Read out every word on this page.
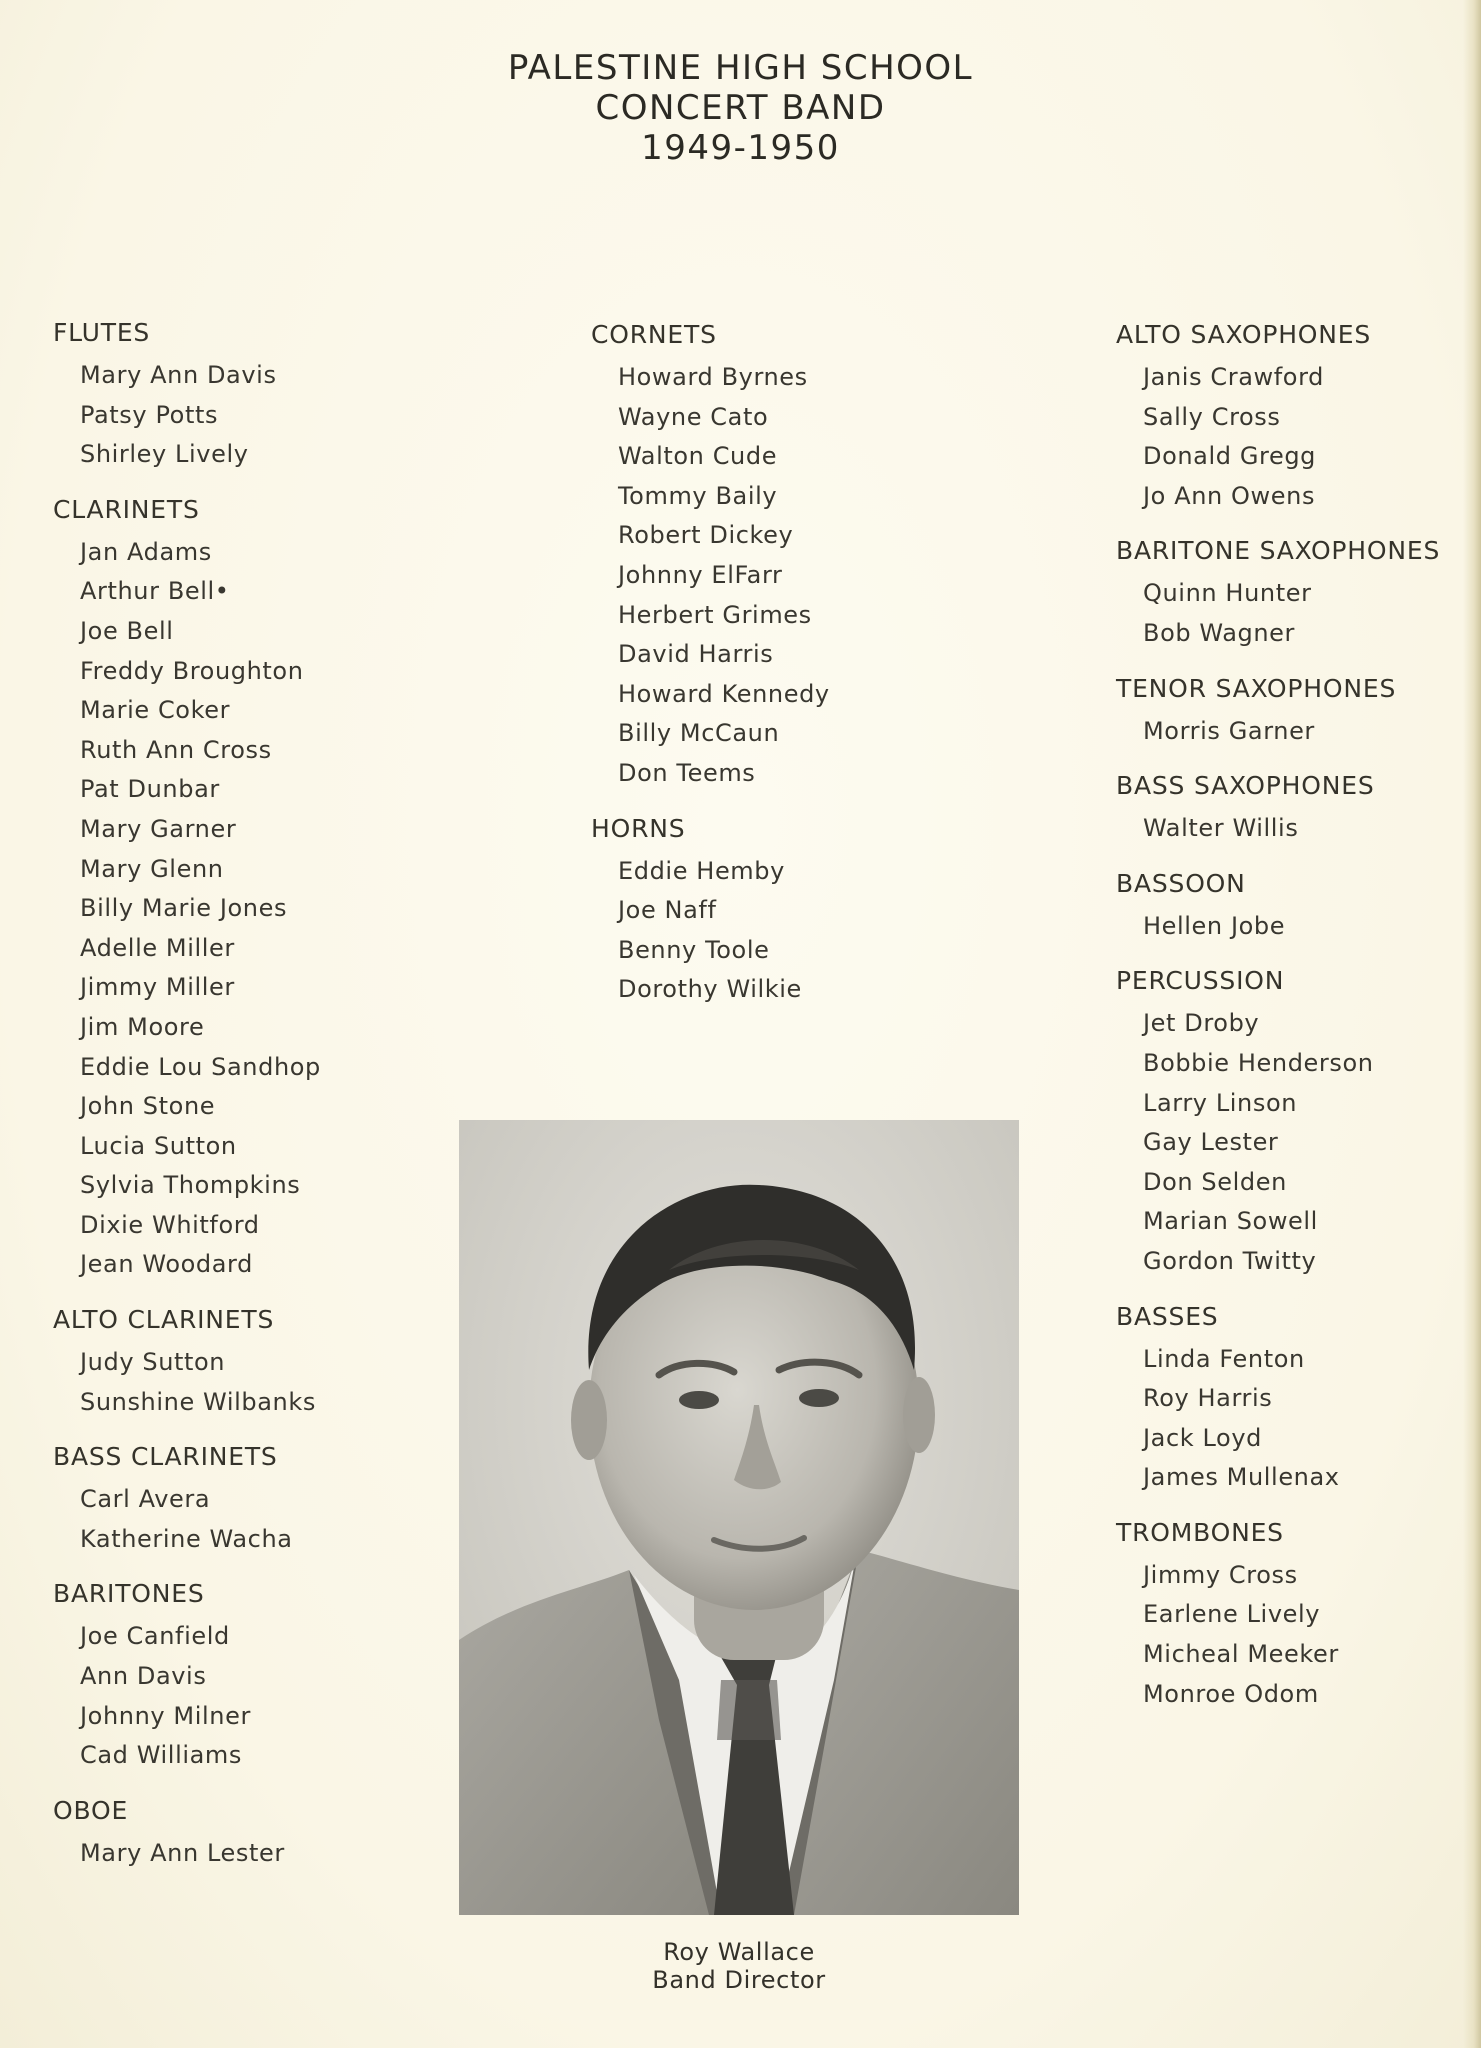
PALESTINE HIGH SCHOOL
CONCERT BAND
1949-1950
FLUTES
Mary Ann Davis
Patsy Potts
Shirley Lively
CLARINETS
Jan Adams
Arthur Bell•
Joe Bell
Freddy Broughton
Marie Coker
Ruth Ann Cross
Pat Dunbar
Mary Garner
Mary Glenn
Billy Marie Jones
Adelle Miller
Jimmy Miller
Jim Moore
Eddie Lou Sandhop
John Stone
Lucia Sutton
Sylvia Thompkins
Dixie Whitford
Jean Woodard
ALTO CLARINETS
Judy Sutton
Sunshine Wilbanks
BASS CLARINETS
Carl Avera
Katherine Wacha
BARITONES
Joe Canfield
Ann Davis
Johnny Milner
Cad Williams
OBOE
Mary Ann Lester
CORNETS
Howard Byrnes
Wayne Cato
Walton Cude
Tommy Baily
Robert Dickey
Johnny ElFarr
Herbert Grimes
David Harris
Howard Kennedy
Billy McCaun
Don Teems
HORNS
Eddie Hemby
Joe Naff
Benny Toole
Dorothy Wilkie
ALTO SAXOPHONES
Janis Crawford
Sally Cross
Donald Gregg
Jo Ann Owens
BARITONE SAXOPHONES
Quinn Hunter
Bob Wagner
TENOR SAXOPHONES
Morris Garner
BASS SAXOPHONES
Walter Willis
BASSOON
Hellen Jobe
PERCUSSION
Jet Droby
Bobbie Henderson
Larry Linson
Gay Lester
Don Selden
Marian Sowell
Gordon Twitty
BASSES
Linda Fenton
Roy Harris
Jack Loyd
James Mullenax
TROMBONES
Jimmy Cross
Earlene Lively
Micheal Meeker
Monroe Odom
Roy Wallace
Band Director
